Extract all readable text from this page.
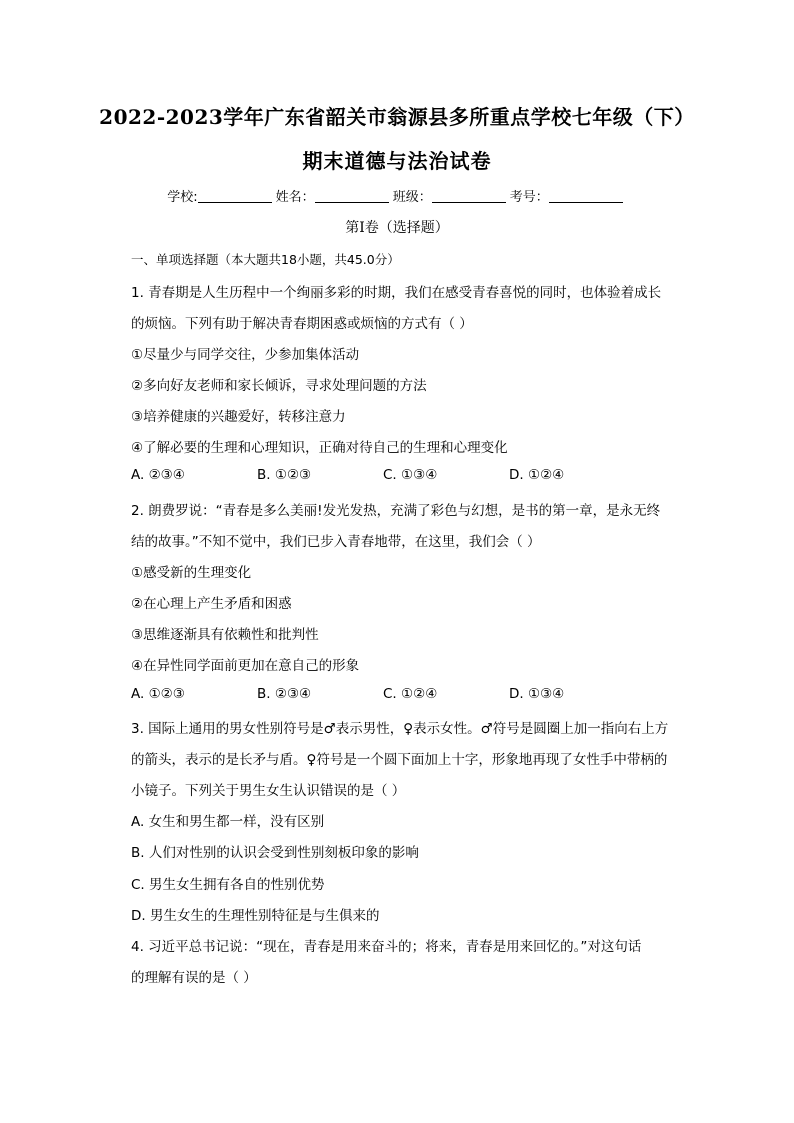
2022-2023学年广东省韶关市翁源县多所重点学校七年级（下）
期末道德与法治试卷
学校:	姓名：	班级：	考号：
第Ⅰ卷（选择题）
一、单项选择题（本大题共18小题，共45.0分）
1. 青春期是人生历程中一个绚丽多彩的时期，我们在感受青春喜悦的同时，也体验着成长
的烦恼。下列有助于解决青春期困惑或烦恼的方式有（ ）
①尽量少与同学交往，少参加集体活动
②多向好友老师和家长倾诉，寻求处理问题的方法
③培养健康的兴趣爱好，转移注意力
④了解必要的生理和心理知识，正确对待自己的生理和心理变化
A. ②③④	B. ①②③	C. ①③④	D. ①②④
2. 朗费罗说：“青春是多么美丽!发光发热，充满了彩色与幻想，是书的第一章，是永无终
结的故事。”不知不觉中，我们已步入青春地带，在这里，我们会（ ）
①感受新的生理变化
②在心理上产生矛盾和困惑
③思维逐渐具有依赖性和批判性
④在异性同学面前更加在意自己的形象
A. ①②③	B. ②③④	C. ①②④	D. ①③④
3. 国际上通用的男女性别符号是♂表示男性，♀表示女性。♂符号是圆圈上加一指向右上方
的箭头，表示的是长矛与盾。♀符号是一个圆下面加上十字，形象地再现了女性手中带柄的
小镜子。下列关于男生女生认识错误的是（ ）
A. 女生和男生都一样，没有区别
B. 人们对性别的认识会受到性别刻板印象的影响
C. 男生女生拥有各自的性别优势
D. 男生女生的生理性别特征是与生俱来的
4. 习近平总书记说：“现在，青春是用来奋斗的；将来，青春是用来回忆的。”对这句话
的理解有误的是（ ）
